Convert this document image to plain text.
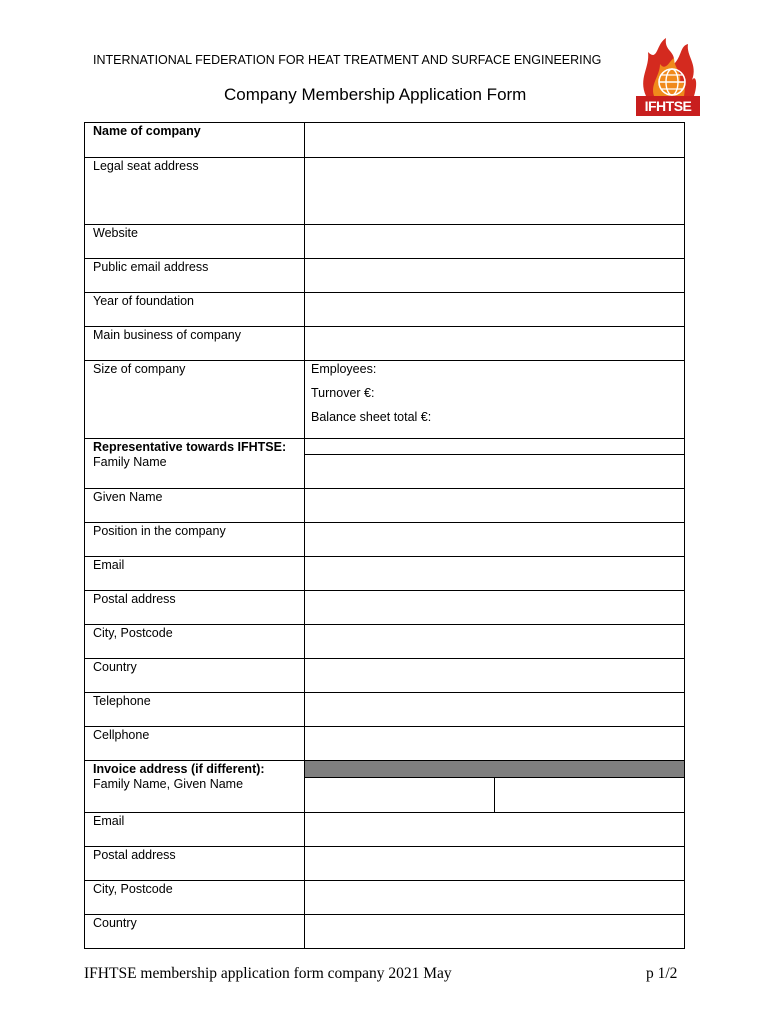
INTERNATIONAL FEDERATION FOR HEAT TREATMENT AND SURFACE ENGINEERING
Company Membership Application Form
IFHTSE
Name of company	

Legal seat address	

Website	

Public email address	

Year of foundation	

Main business of company	

Size of company	Employees:
Turnover €:
Balance sheet total €:

Representative towards IFHTSE:
Family Name	

Given Name	

Position in the company	

Email	

Postal address	

City, Postcode	

Country	

Telephone	

Cellphone	

Invoice address (if different):
Family Name, Given Name	

Email	

Postal address	

City, Postcode	

Country	

IFHTSE membership application form company 2021 May	p 1/2
